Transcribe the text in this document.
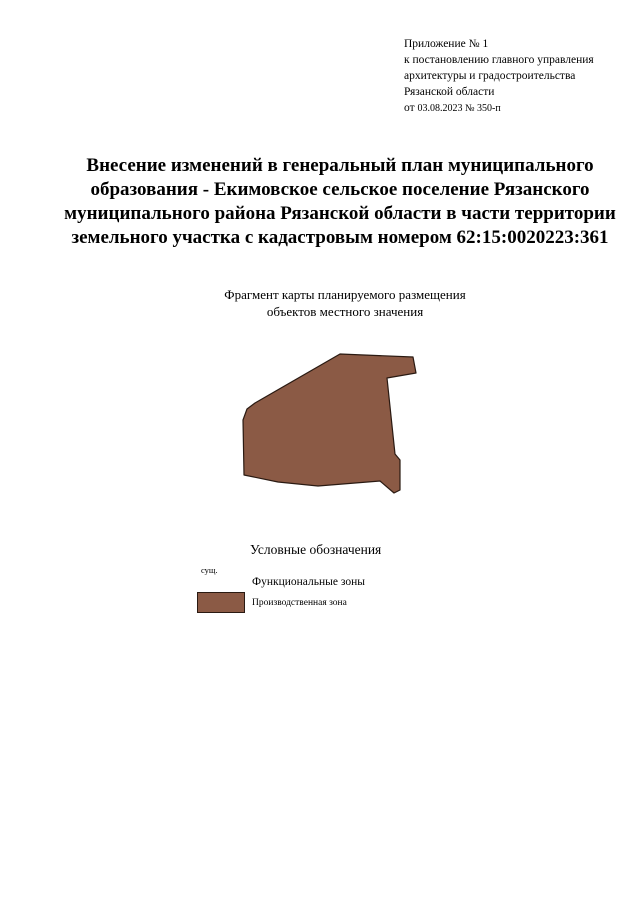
Приложение № 1
к постановлению главного управления
архитектуры и градостроительства
Рязанской области
от 03.08.2023 № 350-п
Внесение изменений в генеральный план муниципального
образования - Екимовское сельское поселение Рязанского
муниципального района Рязанской области в части территории
земельного участка с кадастровым номером 62:15:0020223:361
Фрагмент карты планируемого размещения
объектов местного значения
Условные обозначения
сущ.
Функциональные зоны
Производственная зона
